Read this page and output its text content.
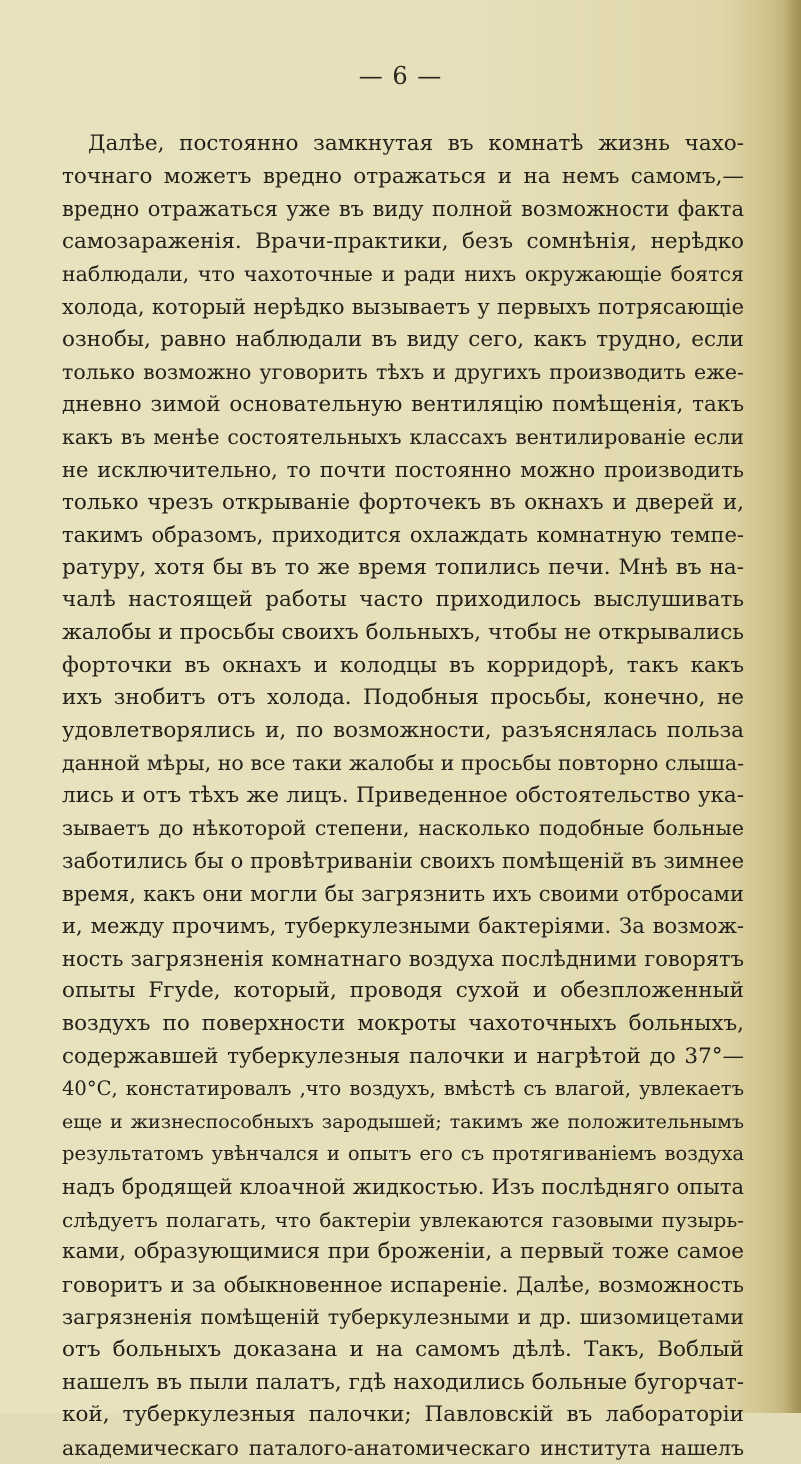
— 6 —
Далѣе, постоянно замкнутая въ комнатѣ жизнь чахо-
точнаго можетъ вредно отражаться и на немъ самомъ,—
вредно отражаться уже въ виду полной возможности факта
самозараженія. Врачи-практики, безъ сомнѣнія, нерѣдко
наблюдали, что чахоточные и ради нихъ окружающіе боятся
холода, который нерѣдко вызываетъ у первыхъ потрясающіе
ознобы, равно наблюдали въ виду сего, какъ трудно, если
только возможно уговорить тѣхъ и другихъ производить еже-
дневно зимой основательную вентиляцію помѣщенія, такъ
какъ въ менѣе состоятельныхъ классахъ вентилированіе если
не исключительно, то почти постоянно можно производить
только чрезъ открываніе форточекъ въ окнахъ и дверей и,
такимъ образомъ, приходится охлаждать комнатную темпе-
ратуру, хотя бы въ то же время топились печи. Мнѣ въ на-
чалѣ настоящей работы часто приходилось выслушивать
жалобы и просьбы своихъ больныхъ, чтобы не открывались
форточки въ окнахъ и колодцы въ корридорѣ, такъ какъ
ихъ знобитъ отъ холода. Подобныя просьбы, конечно, не
удовлетворялись и, по возможности, разъяснялась польза
данной мѣры, но все таки жалобы и просьбы повторно слыша-
лись и отъ тѣхъ же лицъ. Приведенное обстоятельство ука-
зываетъ до нѣкоторой степени, насколько подобные больные
заботились бы о провѣтриваніи своихъ помѣщеній въ зимнее
время, какъ они могли бы загрязнить ихъ своими отбросами
и, между прочимъ, туберкулезными бактеріями. За возмож-
ность загрязненія комнатнаго воздуха послѣдними говорятъ
опыты Fгуde, который, проводя сухой и обезпложенный
воздухъ по поверхности мокроты чахоточныхъ больныхъ,
содержавшей туберкулезныя палочки и нагрѣтой до 37°—
40°С, констатировалъ ,что воздухъ, вмѣстѣ съ влагой, увлекаетъ
еще и жизнеспособныхъ зародышей; такимъ же положительнымъ
результатомъ увѣнчался и опытъ его съ протягиваніемъ воздуха
надъ бродящей клоачной жидкостью. Изъ послѣдняго опыта
слѣдуетъ полагать, что бактеріи увлекаются газовыми пузырь-
ками, образующимися при броженіи, а первый тоже самое
говоритъ и за обыкновенное испареніе. Далѣе, возможность
загрязненія помѣщеній туберкулезными и др. шизомицетами
отъ больныхъ доказана и на самомъ дѣлѣ. Такъ, Воблый
нашелъ въ пыли палатъ, гдѣ находились больные бугорчат-
кой, туберкулезныя палочки; Павловскій въ лабораторіи
академическаго паталого-анатомическаго института нашелъ
